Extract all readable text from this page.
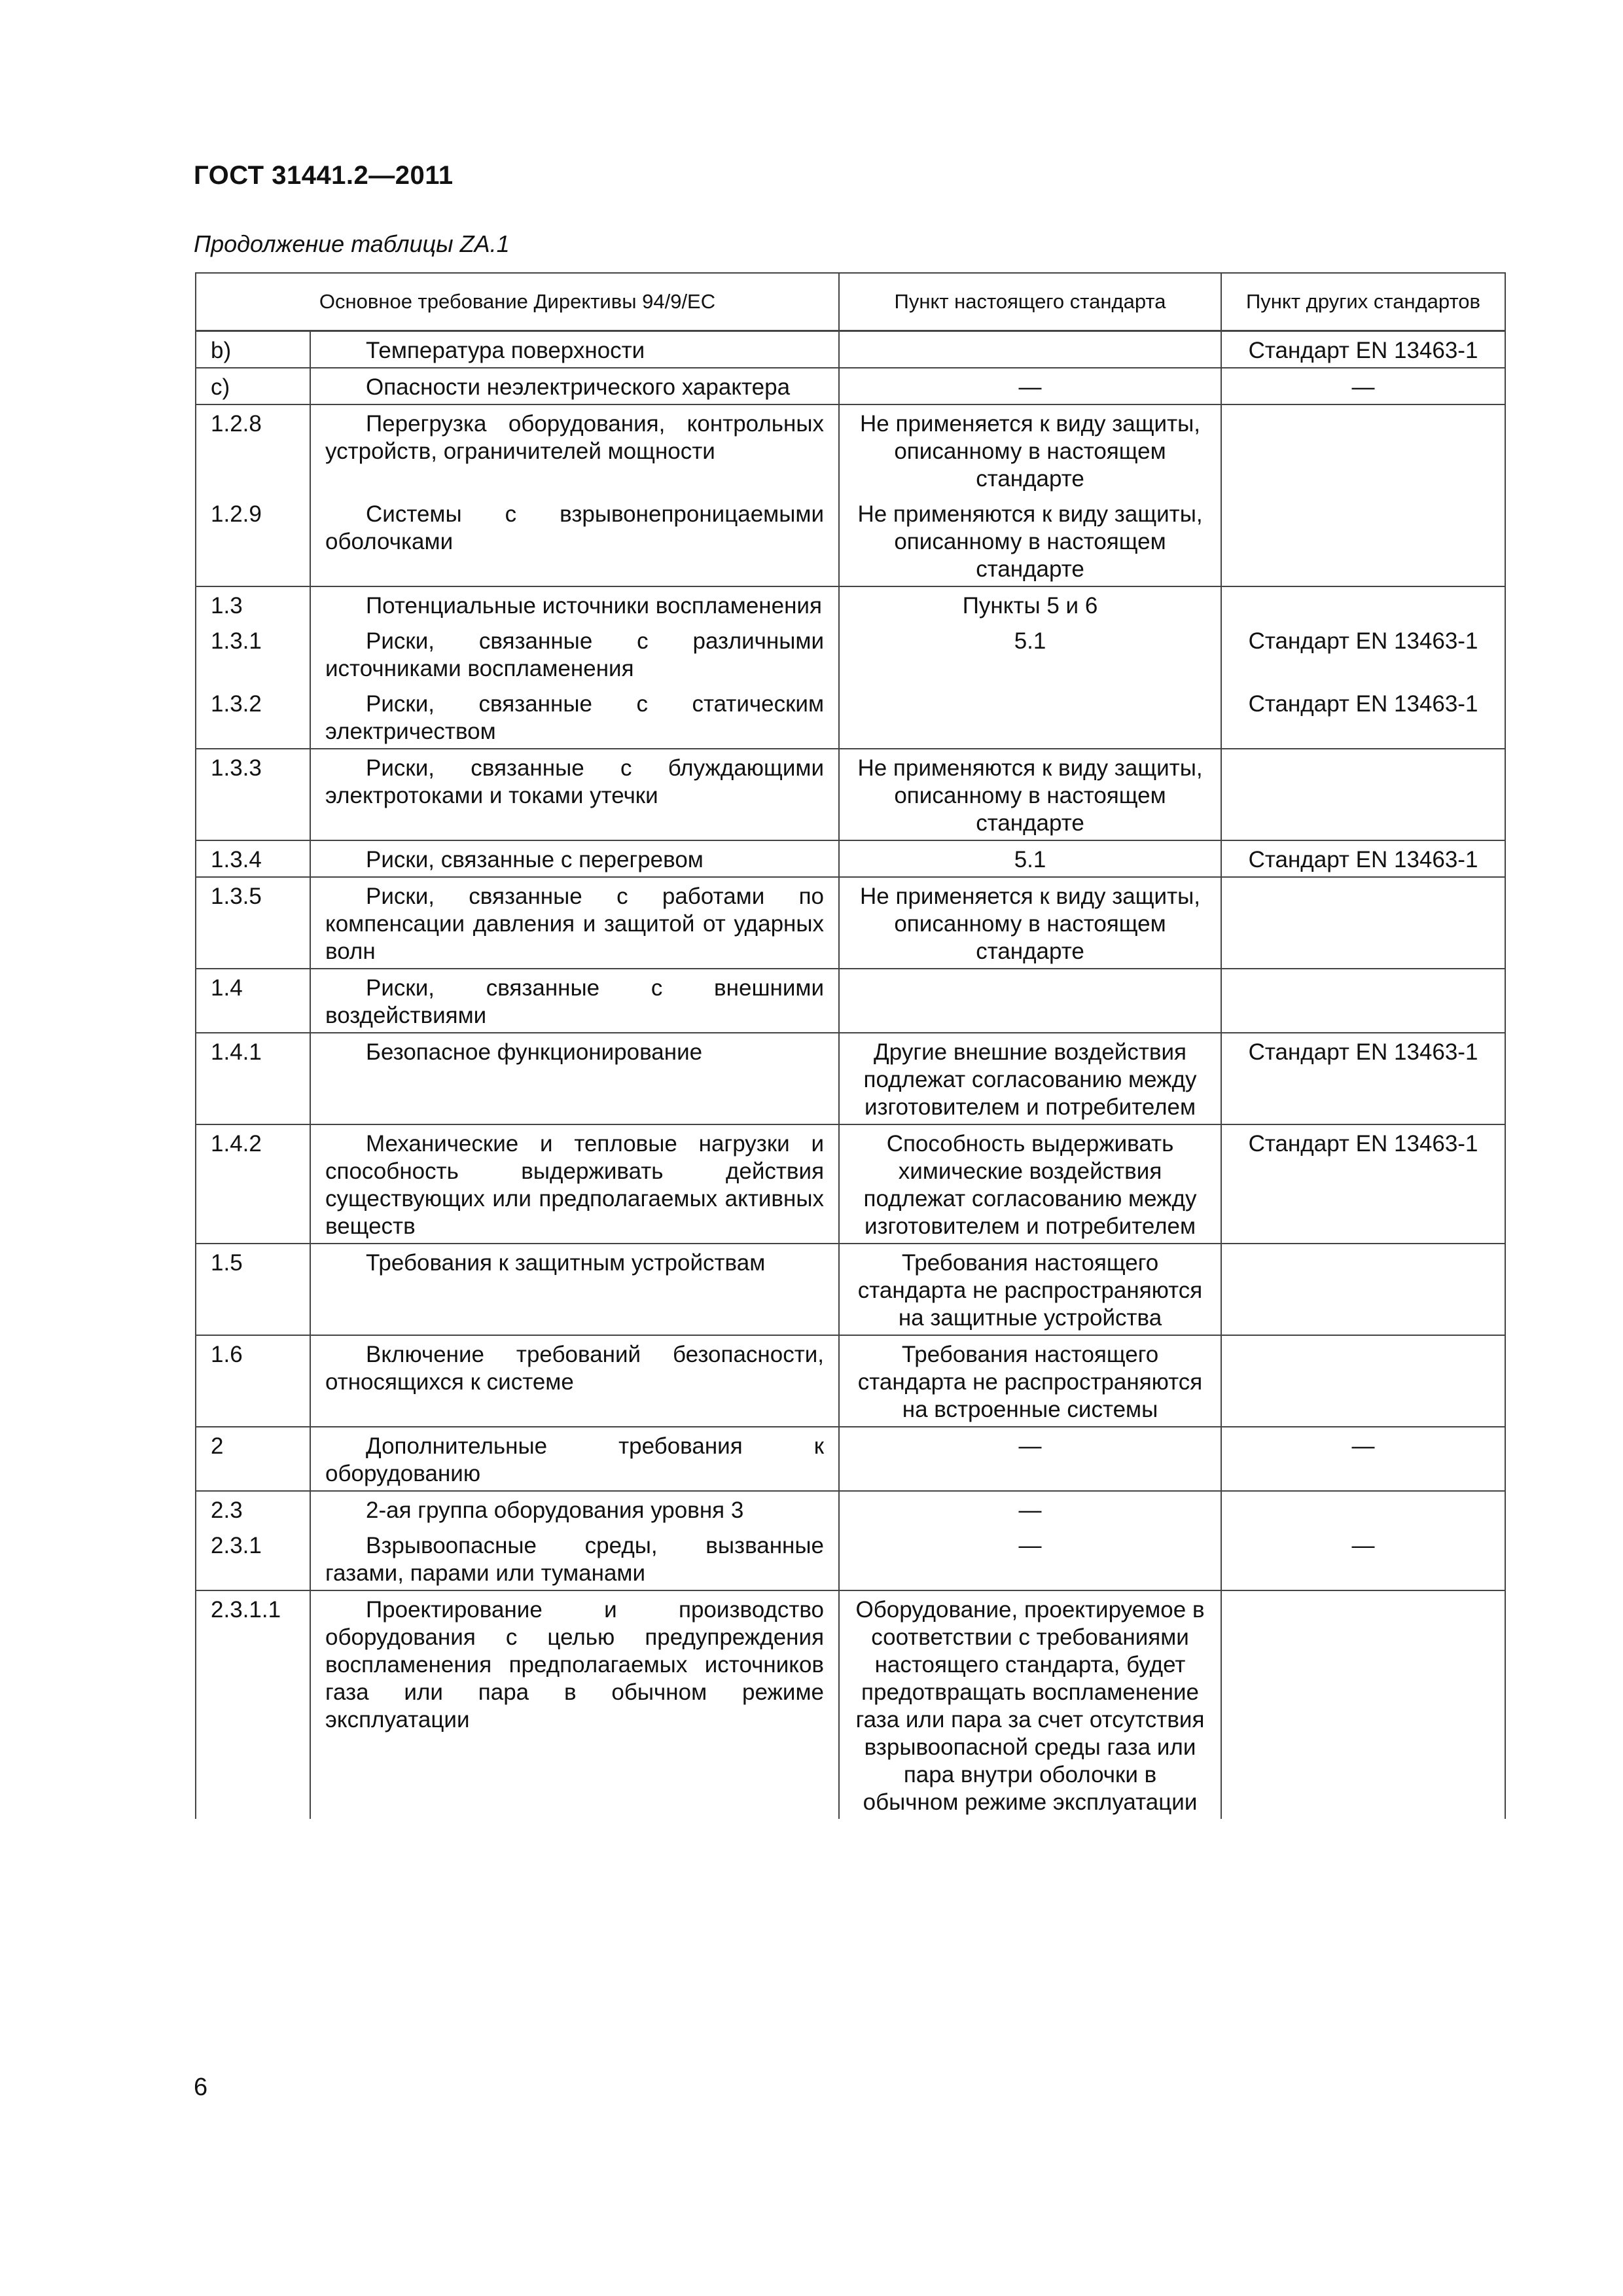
ГОСТ 31441.2—2011
Продолжение таблицы ZA.1
Основное требование Директивы 94/9/ЕС		Пункт настоящего стандарта	Пункт других стандартов
b)	Температура поверхности		Стандарт EN 13463-1
c)	Опасности неэлектрического характера	—	—
1.2.8	Перегрузка оборудования, контрольных устройств, ограничителей мощности	Не применяется к виду защиты, описанному в настоящем стандарте	
1.2.9	Системы с взрывонепроницаемыми оболочками	Не применяются к виду защиты, описанному в настоящем стандарте	
1.3	Потенциальные источники воспламенения	Пункты 5 и 6	
1.3.1	Риски, связанные с различными источниками воспламенения	5.1	Стандарт EN 13463-1
1.3.2	Риски, связанные с статическим электричеством		Стандарт EN 13463-1
1.3.3	Риски, связанные с блуждающими электротоками и токами утечки	Не применяются к виду защиты, описанному в настоящем стандарте	
1.3.4	Риски, связанные с перегревом	5.1	Стандарт EN 13463-1
1.3.5	Риски, связанные с работами по компенсации давления и защитой от ударных волн	Не применяется к виду защиты, описанному в настоящем стандарте	
1.4	Риски, связанные с внешними воздействиями		

1.4.1	Безопасное функционирование	Другие внешние воздействия подлежат согласованию между изготовителем и потребителем	Стандарт EN 13463-1
1.4.2	Механические и тепловые нагрузки и способность выдерживать действия существующих или предполагаемых активных веществ	Способность выдерживать химические воздействия подлежат согласованию между изготовителем и потребителем	Стандарт EN 13463-1
1.5	Требования к защитным устройствам	Требования настоящего стандарта не распространяются на защитные устройства	
1.6	Включение требований безопасности, относящихся к системе	Требования настоящего стандарта не распространяются на встроенные системы	
2	Дополнительные требования к оборудованию	—	—
2.3	2-ая группа оборудования уровня 3	—	
2.3.1	Взрывоопасные среды, вызванные газами, парами или туманами	—	—
2.3.1.1	Проектирование и производство оборудования с целью предупреждения воспламенения предполагаемых источников газа или пара в обычном режиме эксплуатации	Оборудование, проектируемое в соответствии с требованиями настоящего стандарта, будет предотвращать воспламенение газа или пара за счет отсутствия взрывоопасной среды газа или пара внутри оболочки в обычном режиме эксплуатации	
6
